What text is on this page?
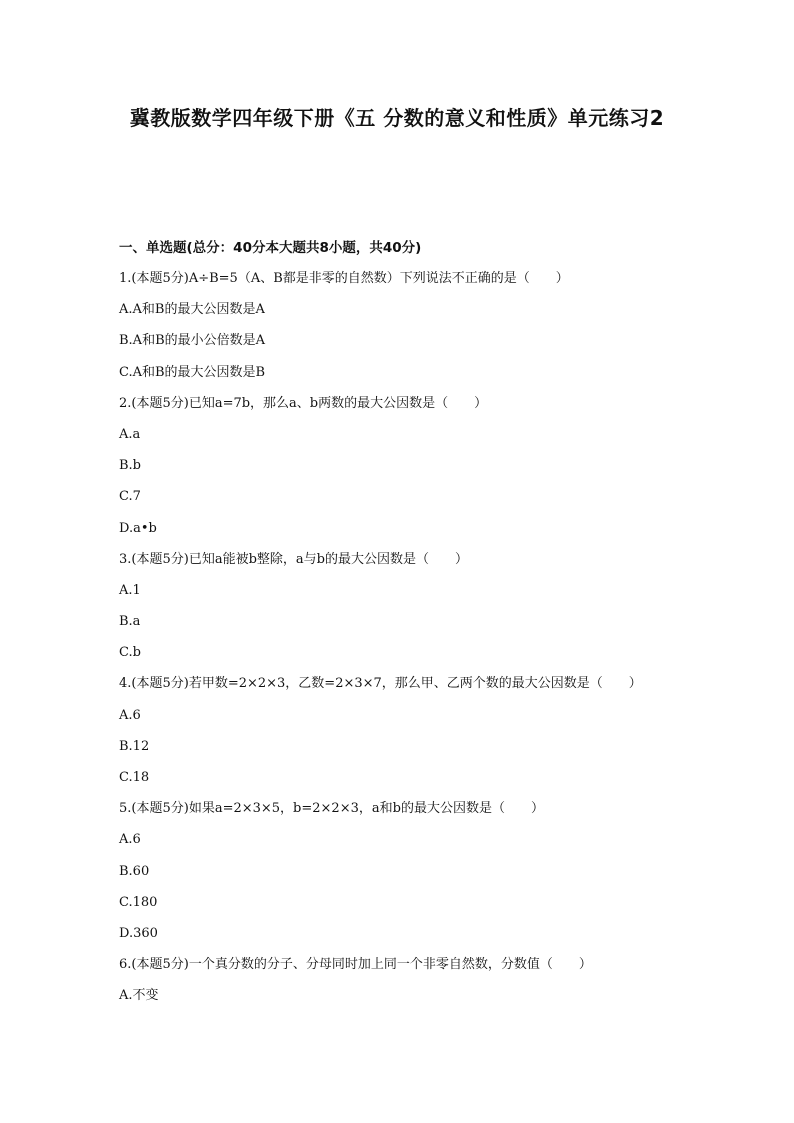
冀教版数学四年级下册《五 分数的意义和性质》单元练习2
一、单选题(总分：40分本大题共8小题，共40分)
1.(本题5分)A÷B=5（A、B都是非零的自然数）下列说法不正确的是（　　）
A.A和B的最大公因数是A
B.A和B的最小公倍数是A
C.A和B的最大公因数是B
2.(本题5分)已知a=7b，那么a、b两数的最大公因数是（　　）
A.a
B.b
C.7
D.a•b
3.(本题5分)已知a能被b整除，a与b的最大公因数是（　　）
A.1
B.a
C.b
4.(本题5分)若甲数=2×2×3，乙数=2×3×7，那么甲、乙两个数的最大公因数是（　　）
A.6
B.12
C.18
5.(本题5分)如果a=2×3×5，b=2×2×3，a和b的最大公因数是（　　）
A.6
B.60
C.180
D.360
6.(本题5分)一个真分数的分子、分母同时加上同一个非零自然数，分数值（　　）
A.不变
